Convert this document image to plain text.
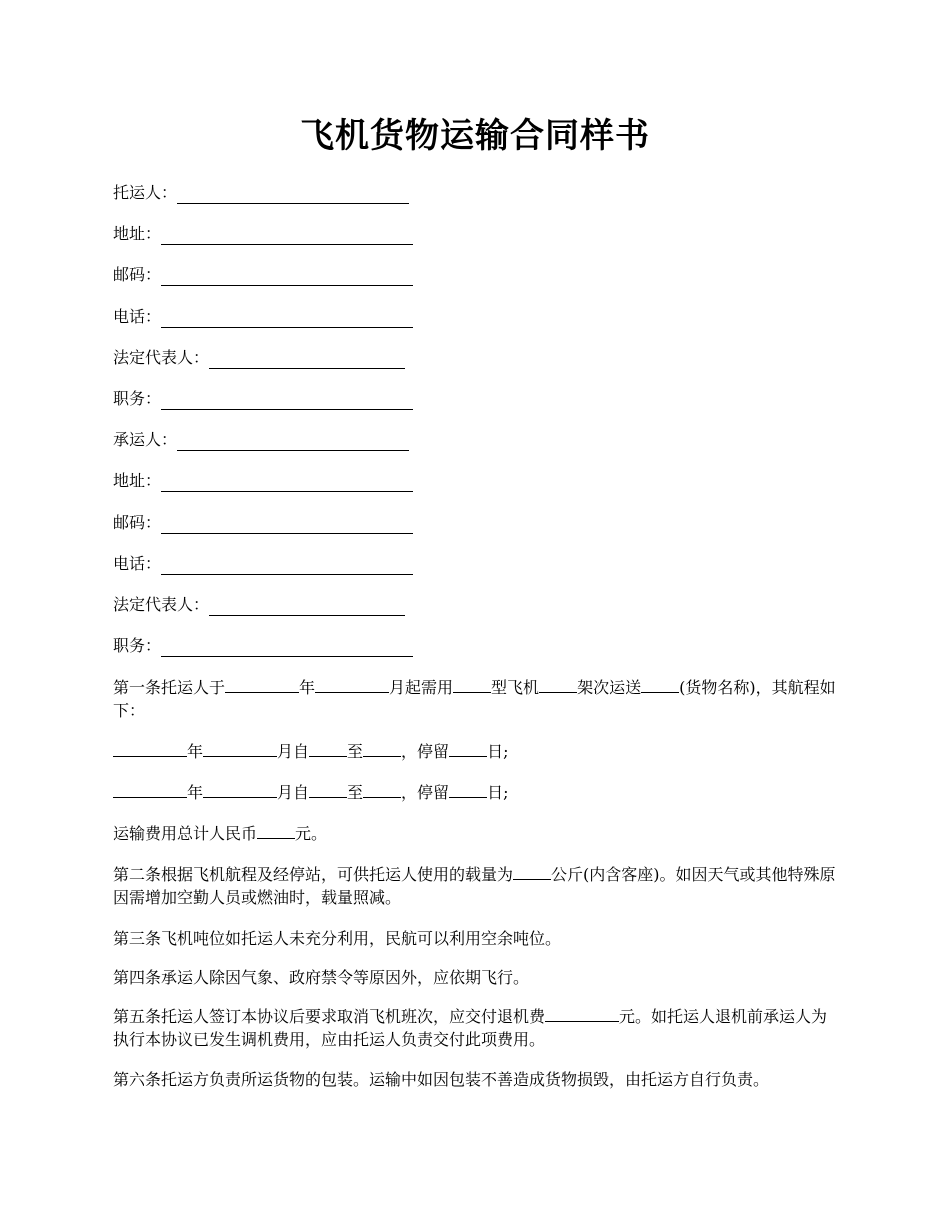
飞机货物运输合同样书
托运人：
地址：
邮码：
电话：
法定代表人：
职务：
承运人：
地址：
邮码：
电话：
法定代表人：
职务：
第一条托运人于	年	月起需用 型飞机 架次运送 (货物名称)，其航程如下：
年	月自 至 ，停留 日;
年	月自 至 ，停留 日;
运输费用总计人民币 元。
第二条根据飞机航程及经停站，可供托运人使用的载量为 公斤(内含客座)。如因天气或其他特殊原因需增加空勤人员或燃油时，载量照减。
第三条飞机吨位如托运人未充分利用，民航可以利用空余吨位。
第四条承运人除因气象、政府禁令等原因外，应依期飞行。
第五条托运人签订本协议后要求取消飞机班次，应交付退机费	元。如托运人退机前承运人为执行本协议已发生调机费用，应由托运人负责交付此项费用。
第六条托运方负责所运货物的包装。运输中如因包装不善造成货物损毁，由托运方自行负责。
